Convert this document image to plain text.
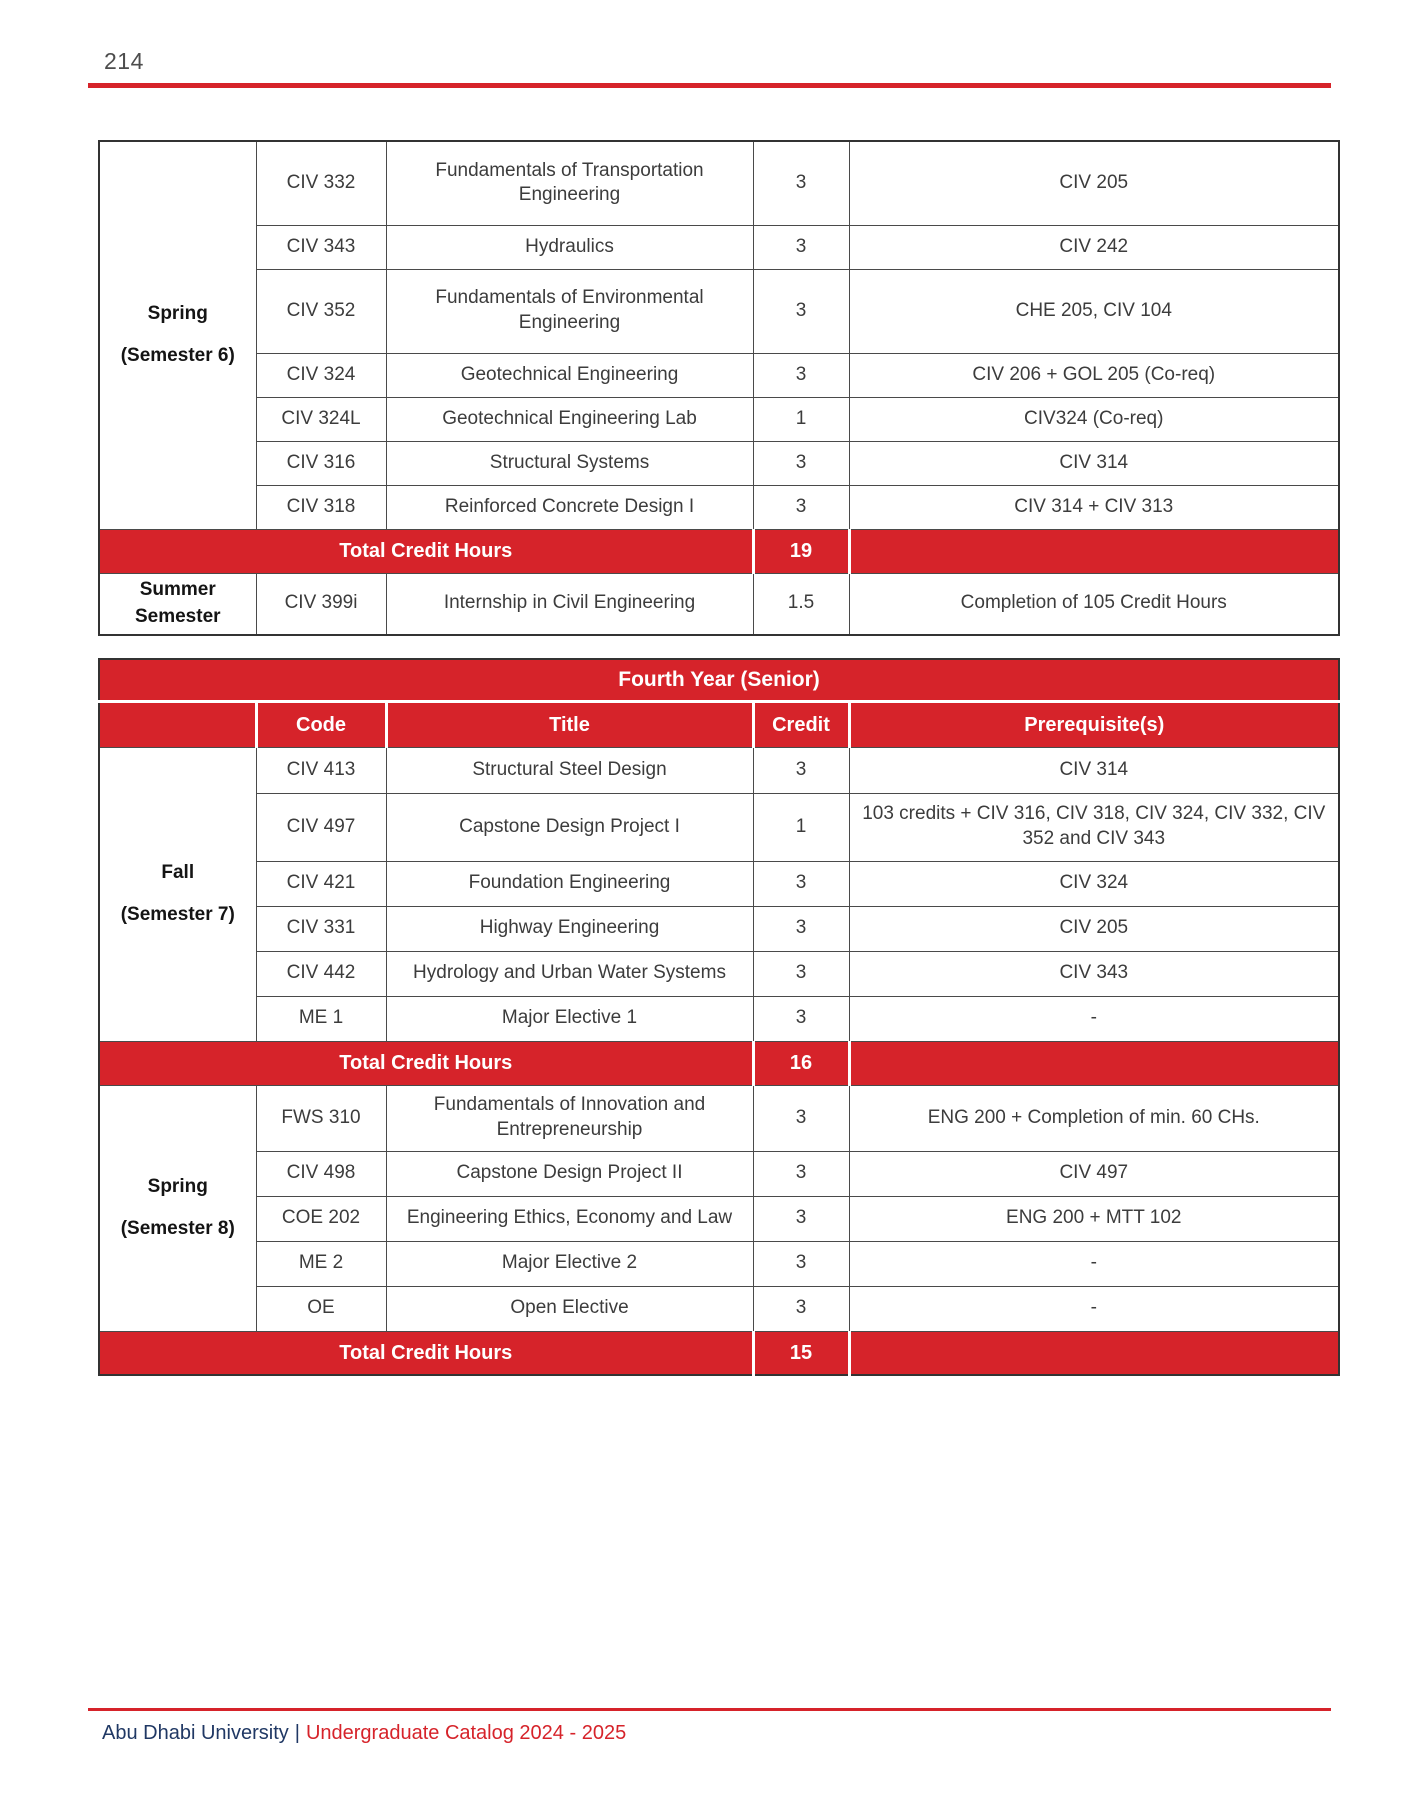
214
Spring
(Semester 6)	CIV 332	Fundamentals of Transportation Engineering	3	CIV 205
	CIV 343	Hydraulics	3	CIV 242
	CIV 352	Fundamentals of Environmental Engineering	3	CHE 205, CIV 104
	CIV 324	Geotechnical Engineering	3	CIV 206 + GOL 205 (Co-req)
	CIV 324L	Geotechnical Engineering Lab	1	CIV324 (Co-req)
	CIV 316	Structural Systems	3	CIV 314
	CIV 318	Reinforced Concrete Design I	3	CIV 314 + CIV 313
Total Credit Hours			19	

Summer
Semester	CIV 399i	Internship in Civil Engineering	1.5	Completion of 105 Credit Hours
Fourth Year (Senior)				
	Code	Title	Credit	Prerequisite(s)

Fall
(Semester 7)	CIV 413	Structural Steel Design	3	CIV 314
	CIV 497	Capstone Design Project I	1	103 credits + CIV 316, CIV 318, CIV 324, CIV 332, CIV 352 and CIV 343
	CIV 421	Foundation Engineering	3	CIV 324
	CIV 331	Highway Engineering	3	CIV 205
	CIV 442	Hydrology and Urban Water Systems	3	CIV 343
	ME 1	Major Elective 1	3	-
Total Credit Hours			16	

Spring
(Semester 8)	FWS 310	Fundamentals of Innovation and Entrepreneurship	3	ENG 200 + Completion of min. 60 CHs.
	CIV 498	Capstone Design Project II	3	CIV 497
	COE 202	Engineering Ethics, Economy and Law	3	ENG 200 + MTT 102
	ME 2	Major Elective 2	3	-
	OE	Open Elective	3	-
Total Credit Hours			15	
Abu Dhabi University | Undergraduate Catalog 2024 - 2025
